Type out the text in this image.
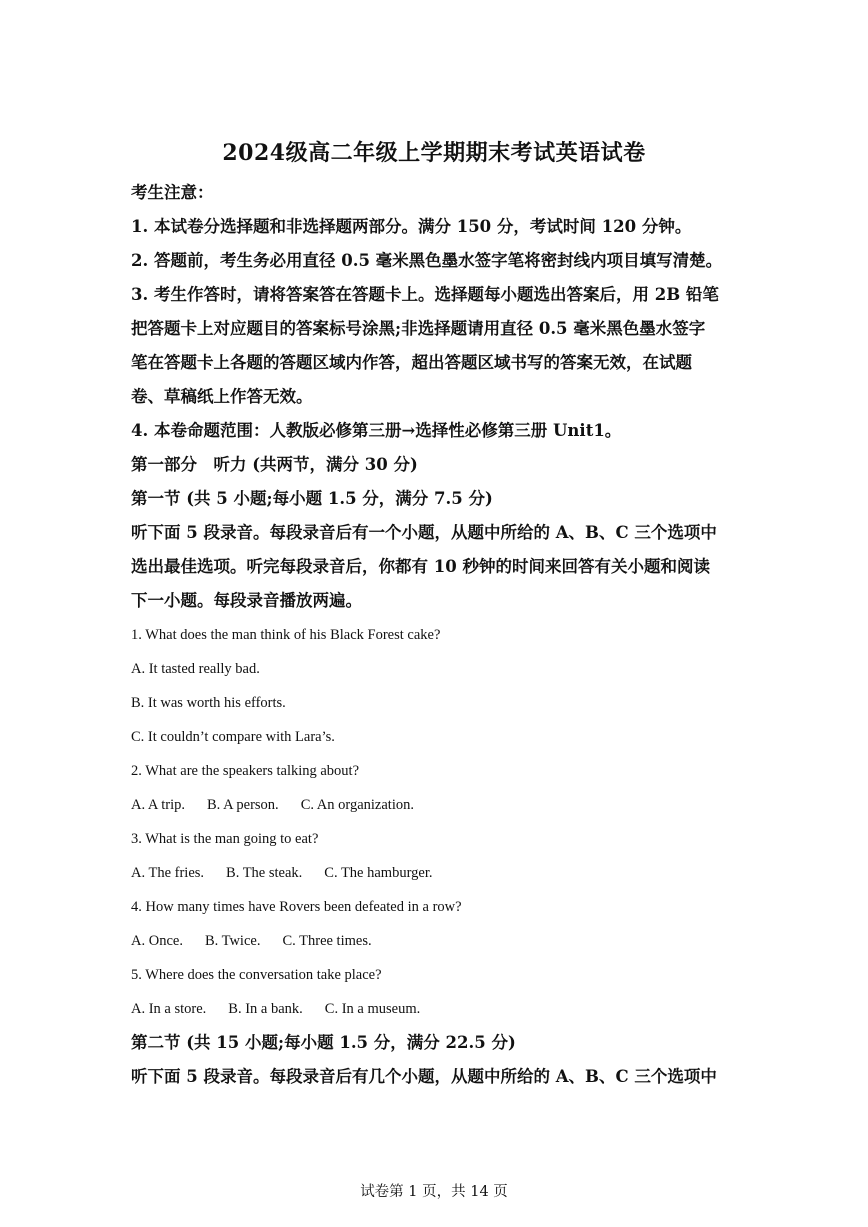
2024级高二年级上学期期末考试英语试卷

考生注意：

1. 本试卷分选择题和非选择题两部分。满分 150 分，考试时间 120 分钟。

2. 答题前，考生务必用直径 0.5 毫米黑色墨水签字笔将密封线内项目填写清楚。

3. 考生作答时，请将答案答在答题卡上。选择题每小题选出答案后，用 2B 铅笔

把答题卡上对应题目的答案标号涂黑;非选择题请用直径 0.5 毫米黑色墨水签字

笔在答题卡上各题的答题区域内作答，超出答题区域书写的答案无效，在试题

卷、草稿纸上作答无效。

4. 本卷命题范围：人教版必修第三册→选择性必修第三册 Unit1。

第一部分　听力 (共两节，满分 30 分)

第一节 (共 5 小题;每小题 1.5 分，满分 7.5 分)

听下面 5 段录音。每段录音后有一个小题，从题中所给的 A、B、C 三个选项中

选出最佳选项。听完每段录音后，你都有 10 秒钟的时间来回答有关小题和阅读

下一小题。每段录音播放两遍。

1. What does the man think of his Black Forest cake?

A. It tasted really bad.

B. It was worth his efforts.

C. It couldn’t compare with Lara’s.

2. What are the speakers talking about?

A. A trip. B. A person. C. An organization.

3. What is the man going to eat?

A. The fries. B. The steak. C. The hamburger.

4. How many times have Rovers been defeated in a row?

A. Once. B. Twice. C. Three times.

5. Where does the conversation take place?

A. In a store. B. In a bank. C. In a museum.

第二节 (共 15 小题;每小题 1.5 分，满分 22.5 分)

听下面 5 段录音。每段录音后有几个小题，从题中所给的 A、B、C 三个选项中

试卷第 1 页，共 14 页
